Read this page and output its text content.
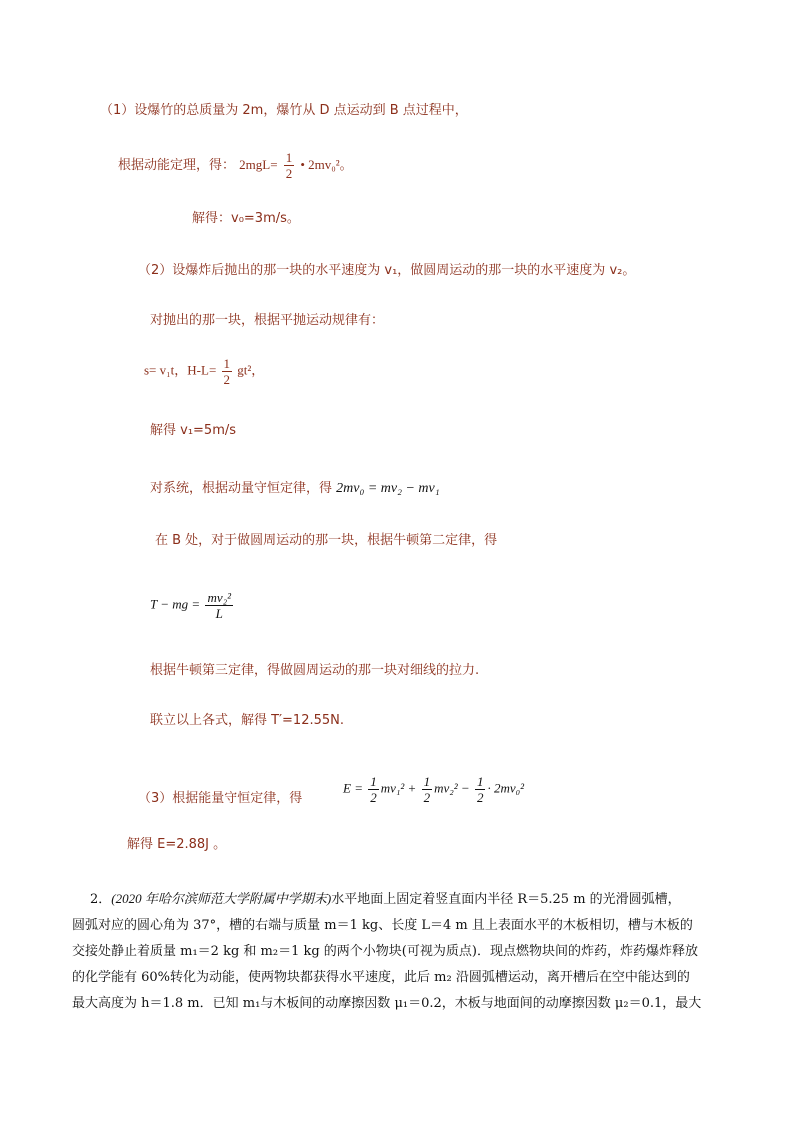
（1）设爆竹的总质量为 2m，爆竹从 D 点运动到 B 点过程中，
根据动能定理，得： $2mgL= \frac{1}{2}$ • 2mv₀²。
解得：v₀=3m/s。
（2）设爆炸后抛出的那一块的水平速度为 v₁，做圆周运动的那一块的水平速度为 v₂。
对抛出的那一块，根据平抛运动规律有：
s= v₁t，$H-L= \frac{1}{2} gt^2$，
解得 v₁=5m/s
对系统，根据动量守恒定律，得 2mv₀ = mv₂ − mv₁
在 B 处，对于做圆周运动的那一块，根据牛顿第二定律，得
T − mg = $\frac{\text{mv₂²}}{L}$
根据牛顿第三定律，得做圆周运动的那一块对细线的拉力.
联立以上各式，解得 T′=12.55N.
$E = \frac{1}{2} mv_1^2 + \frac{1}{2} mv_2^2 - \frac{1}{2} \cdot 2mv_0^2$
（3）根据能量守恒定律，得
解得 E=2.88J 。
2．(2020 年哈尔滨师范大学附属中学期末)水平地面上固定着竖直面内半径 R＝5.25 m 的光滑圆弧槽，
圆弧对应的圆心角为 37°，槽的右端与质量 m＝1 kg、长度 L＝4 m 且上表面水平的木板相切，槽与木板的
交接处静止着质量 m₁＝2 kg 和 m₂＝1 kg 的两个小物块(可视为质点)．现点燃物块间的炸药，炸药爆炸释放
的化学能有 60%转化为动能，使两物块都获得水平速度，此后 m₂ 沿圆弧槽运动，离开槽后在空中能达到的
最大高度为 h＝1.8 m．已知 m₁与木板间的动摩擦因数 μ₁＝0.2，木板与地面间的动摩擦因数 μ₂＝0.1，最大
